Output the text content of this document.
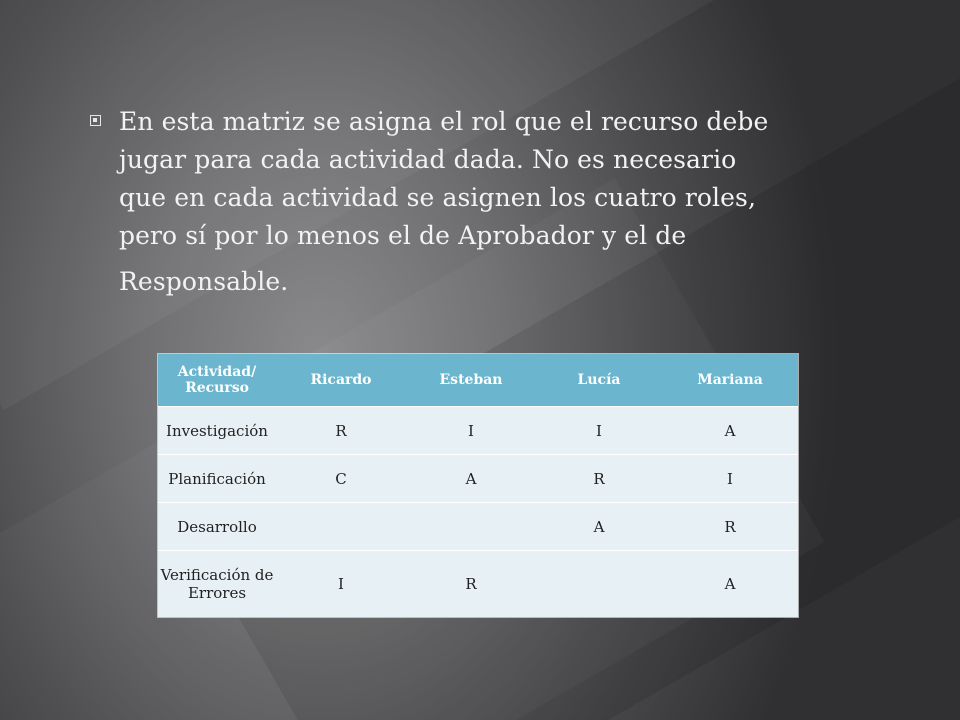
En esta matriz se asigna el rol que el recurso debe
jugar para cada actividad dada. No es necesario
que en cada actividad se asignen los cuatro roles,
pero sí por lo menos el de Aprobador y el de
Responsable.
Actividad/ Recurso	Ricardo	Esteban	Lucía	Mariana
Investigación	R	I	I	A
Planificación	C	A	R	I
Desarrollo			A	R
Verificación de Errores	I	R		A
